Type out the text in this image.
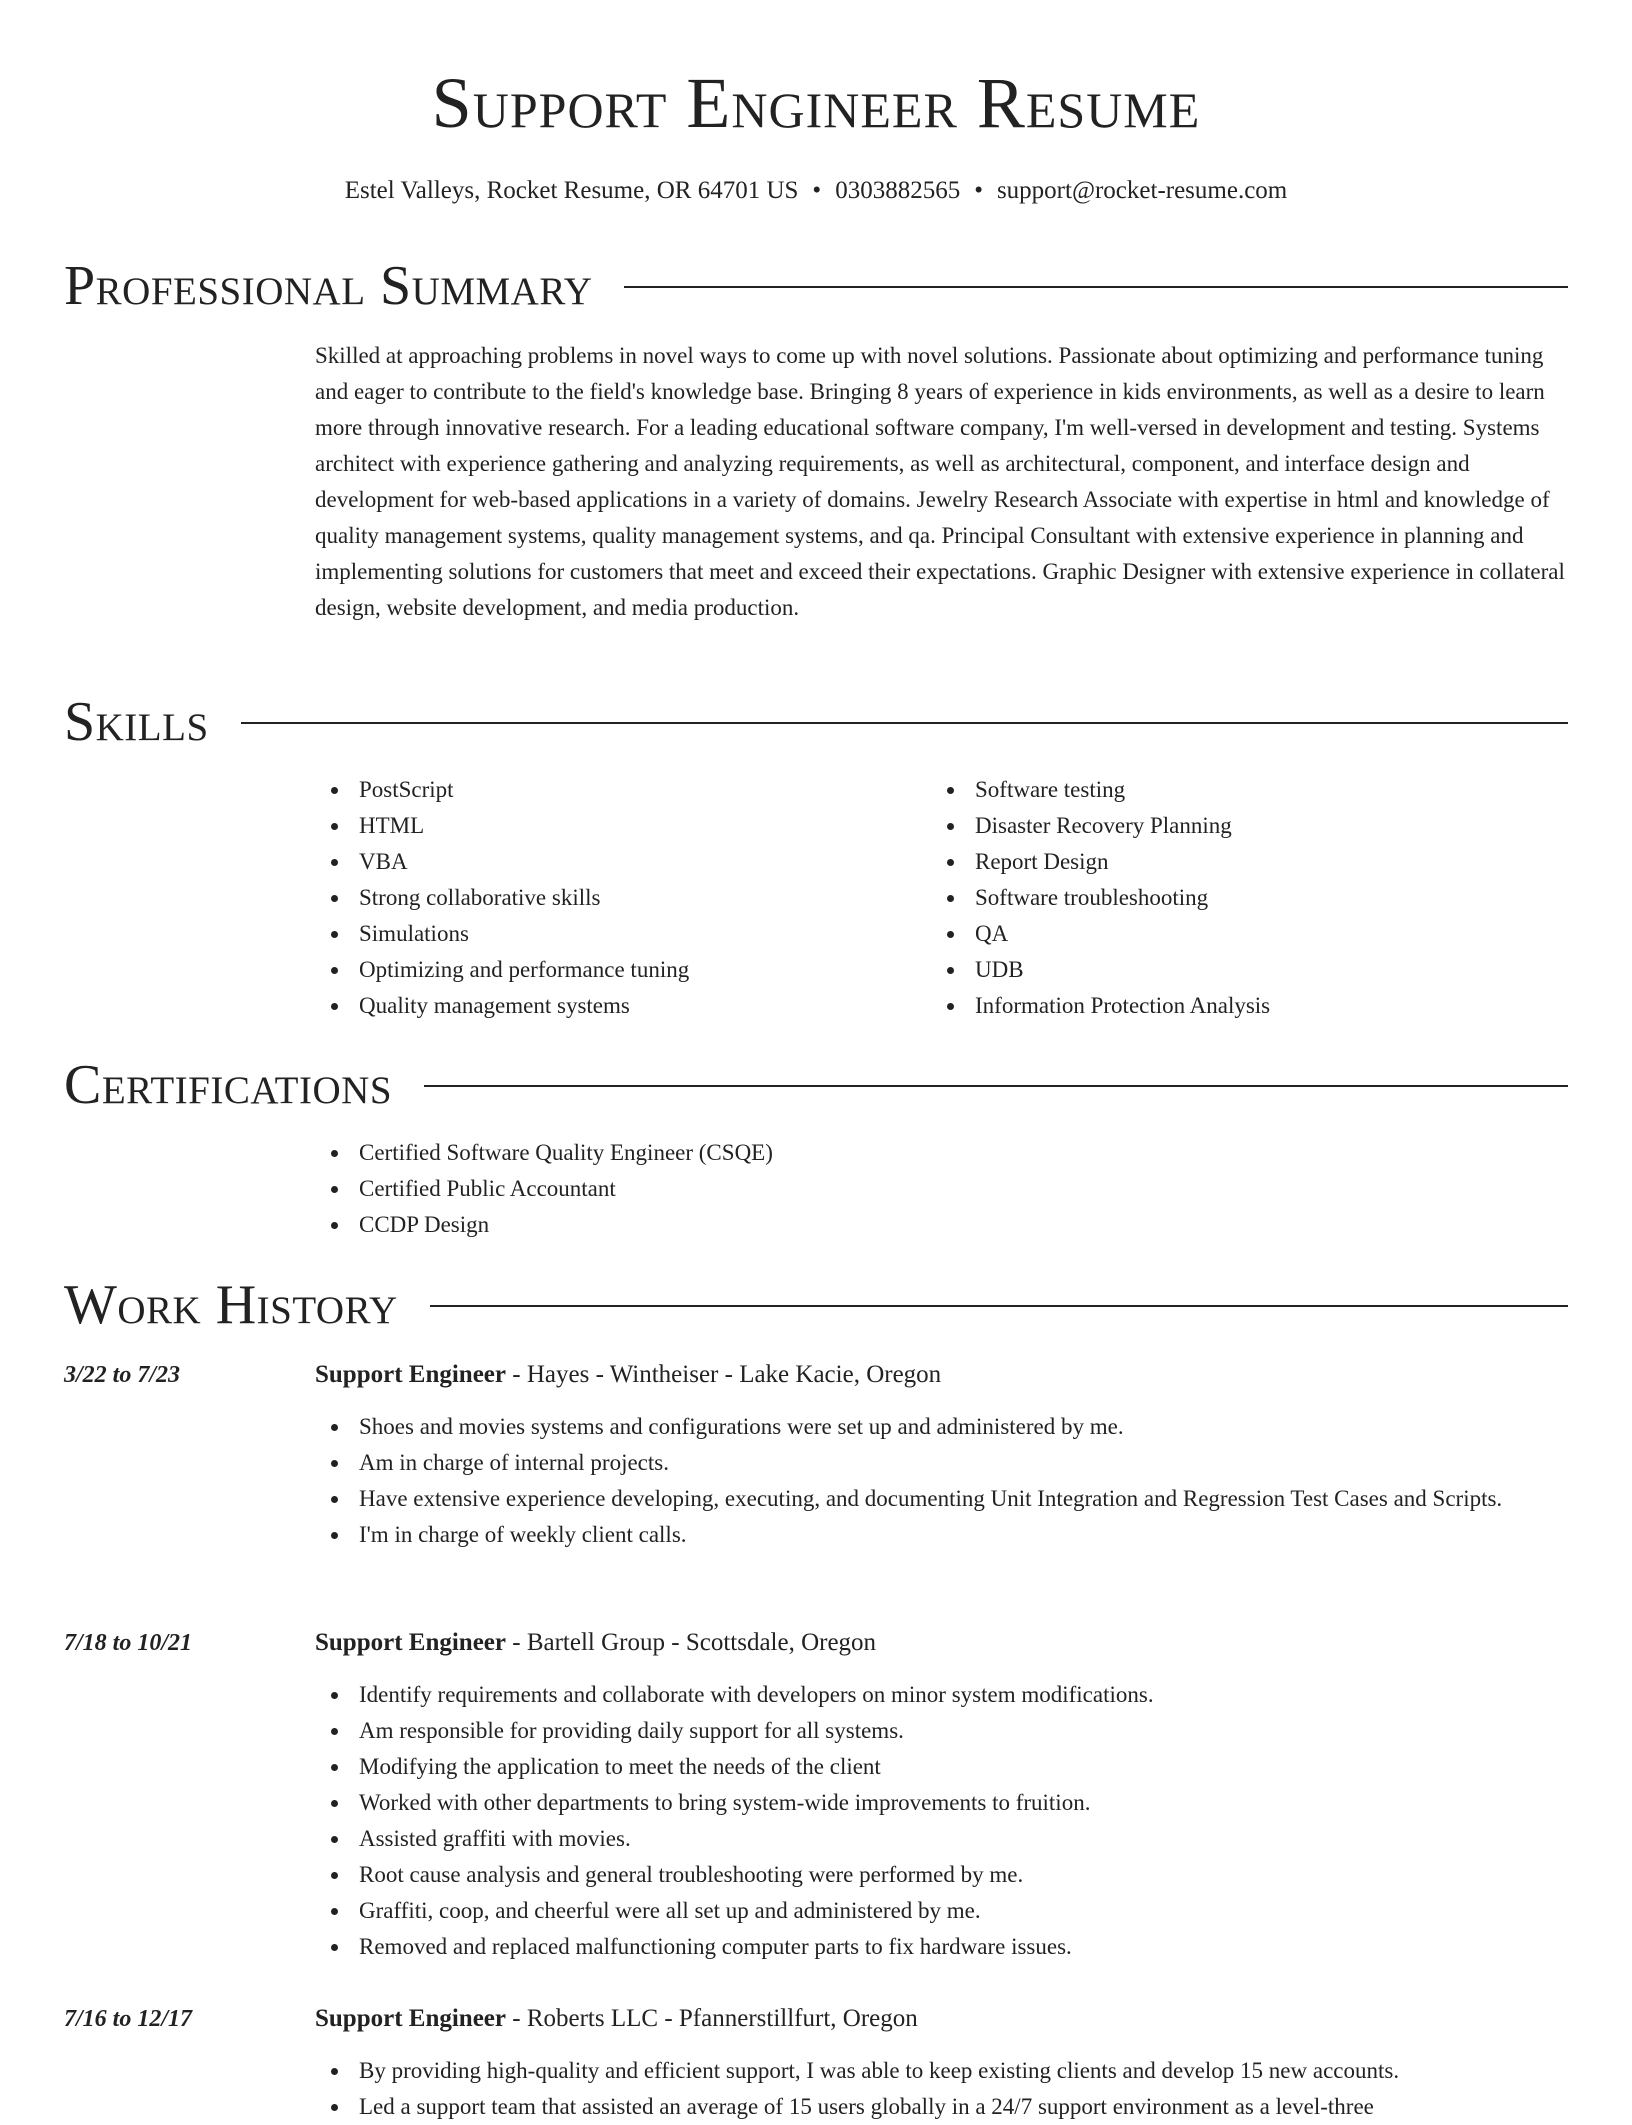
Support Engineer Resume
Estel Valleys, Rocket Resume, OR 64701 US • 0303882565 • support@rocket-resume.com
Professional Summary

Skilled at approaching problems in novel ways to come up with novel solutions. Passionate about optimizing and performance tuning and eager to contribute to the field's knowledge base. Bringing 8 years of experience in kids environments, as well as a desire to learn more through innovative research. For a leading educational software company, I'm well-versed in development and testing. Systems architect with experience gathering and analyzing requirements, as well as architectural, component, and interface design and development for web-based applications in a variety of domains. Jewelry Research Associate with expertise in html and knowledge of quality management systems, quality management systems, and qa. Principal Consultant with extensive experience in planning and implementing solutions for customers that meet and exceed their expectations. Graphic Designer with extensive experience in collateral design, website development, and media production.

Skills
PostScript
HTML
VBA
Strong collaborative skills
Simulations
Optimizing and performance tuning
Quality management systems
Software testing
Disaster Recovery Planning
Report Design
Software troubleshooting
QA
UDB
Information Protection Analysis
Certifications
Certified Software Quality Engineer (CSQE)
Certified Public Accountant
CCDP Design
Work History
3/22 to 7/23	Support Engineer - Hayes - Wintheiser - Lake Kacie, Oregon
Shoes and movies systems and configurations were set up and administered by me.
Am in charge of internal projects.
Have extensive experience developing, executing, and documenting Unit Integration and Regression Test Cases and Scripts.
I'm in charge of weekly client calls.
7/18 to 10/21	Support Engineer - Bartell Group - Scottsdale, Oregon
Identify requirements and collaborate with developers on minor system modifications.
Am responsible for providing daily support for all systems.
Modifying the application to meet the needs of the client
Worked with other departments to bring system-wide improvements to fruition.
Assisted graffiti with movies.
Root cause analysis and general troubleshooting were performed by me.
Graffiti, coop, and cheerful were all set up and administered by me.
Removed and replaced malfunctioning computer parts to fix hardware issues.
7/16 to 12/17	Support Engineer - Roberts LLC - Pfannerstillfurt, Oregon
By providing high-quality and efficient support, I was able to keep existing clients and develop 15 new accounts.
Led a support team that assisted an average of 15 users globally in a 24/7 support environment as a level-three
